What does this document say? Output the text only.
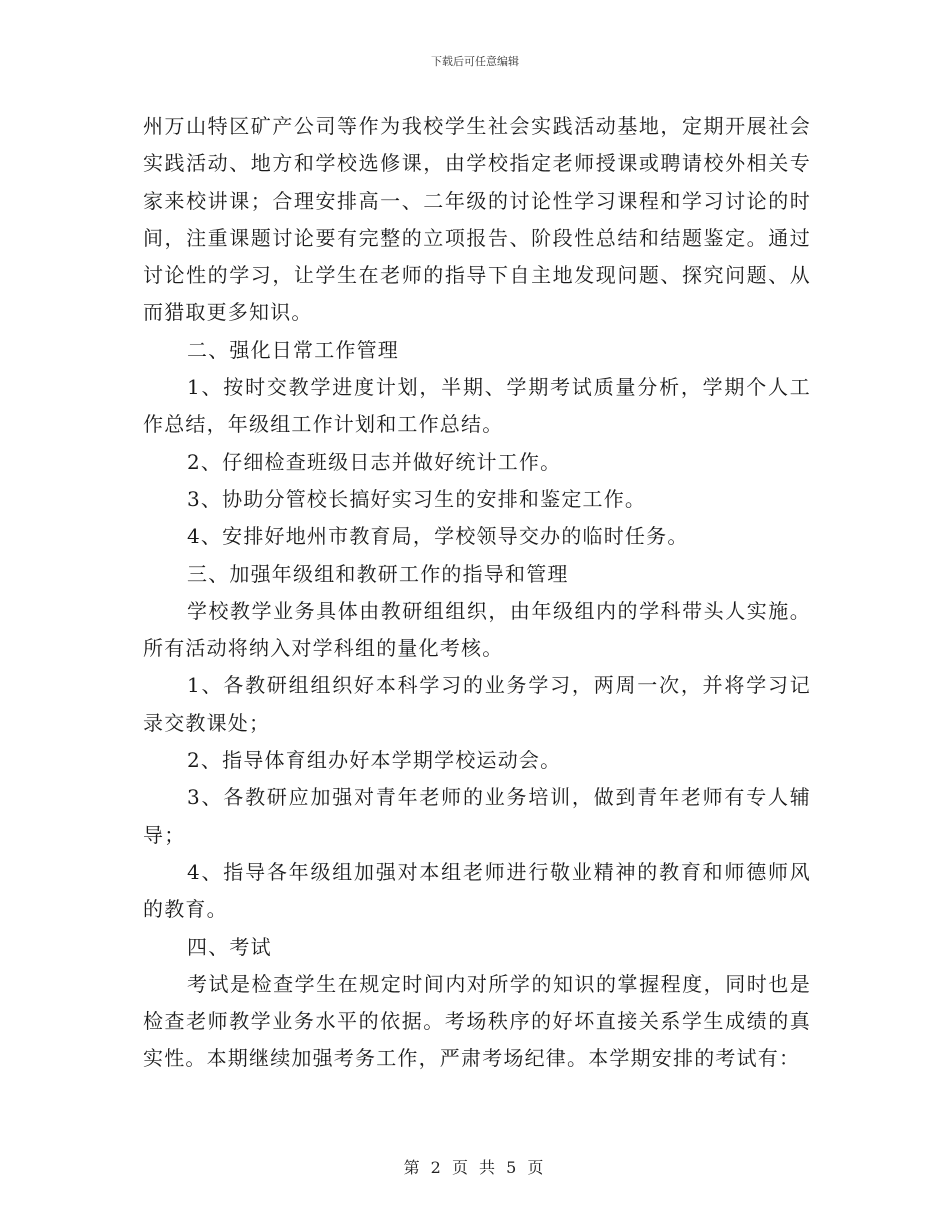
下载后可任意编辑

州万山特区矿产公司等作为我校学生社会实践活动基地，定期开展社会实践活动、地方和学校选修课，由学校指定老师授课或聘请校外相关专家来校讲课；合理安排高一、二年级的讨论性学习课程和学习讨论的时间，注重课题讨论要有完整的立项报告、阶段性总结和结题鉴定。通过讨论性的学习，让学生在老师的指导下自主地发现问题、探究问题、从而猎取更多知识。

二、强化日常工作管理

1、按时交教学进度计划，半期、学期考试质量分析，学期个人工作总结，年级组工作计划和工作总结。

2、仔细检查班级日志并做好统计工作。

3、协助分管校长搞好实习生的安排和鉴定工作。

4、安排好地州市教育局，学校领导交办的临时任务。

三、加强年级组和教研工作的指导和管理

学校教学业务具体由教研组组织，由年级组内的学科带头人实施。所有活动将纳入对学科组的量化考核。

1、各教研组组织好本科学习的业务学习，两周一次，并将学习记录交教课处；

2、指导体育组办好本学期学校运动会。

3、各教研应加强对青年老师的业务培训，做到青年老师有专人辅导；

4、指导各年级组加强对本组老师进行敬业精神的教育和师德师风的教育。

四、考试

考试是检查学生在规定时间内对所学的知识的掌握程度，同时也是检查老师教学业务水平的依据。考场秩序的好坏直接关系学生成绩的真实性。本期继续加强考务工作，严肃考场纪律。本学期安排的考试有：

第 2 页 共 5 页
